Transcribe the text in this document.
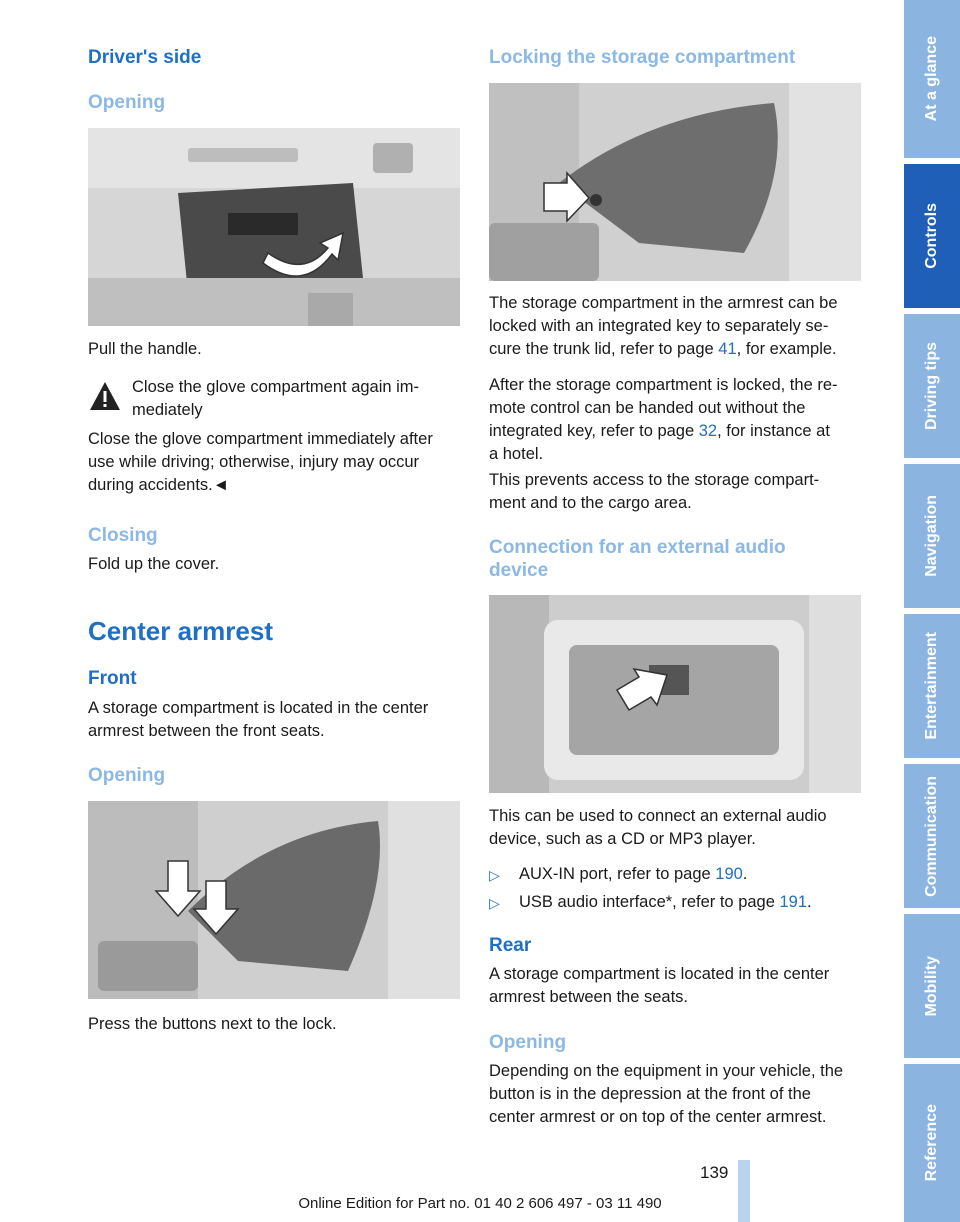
Driver's side
Opening
Pull the handle.
Close the glove compartment again im-
mediately
Close the glove compartment immediately after
use while driving; otherwise, injury may occur
during accidents.◄
Closing
Fold up the cover.
Center armrest
Front
A storage compartment is located in the center
armrest between the front seats.
Opening
Press the buttons next to the lock.
Locking the storage compartment
The storage compartment in the armrest can be
locked with an integrated key to separately se-
cure the trunk lid, refer to page 41, for example.
After the storage compartment is locked, the re-
mote control can be handed out without the
integrated key, refer to page 32, for instance at
a hotel.
This prevents access to the storage compart-
ment and to the cargo area.
Connection for an external audio
device
This can be used to connect an external audio
device, such as a CD or MP3 player.
▷ AUX-IN port, refer to page 190.
▷ USB audio interface*, refer to page 191.
Rear
A storage compartment is located in the center
armrest between the seats.
Opening
Depending on the equipment in your vehicle, the
button is in the depression at the front of the
center armrest or on top of the center armrest.
At a glance
Controls
Driving tips
Navigation
Entertainment
Communication
Mobility
Reference
139
Online Edition for Part no. 01 40 2 606 497 - 03 11 490
